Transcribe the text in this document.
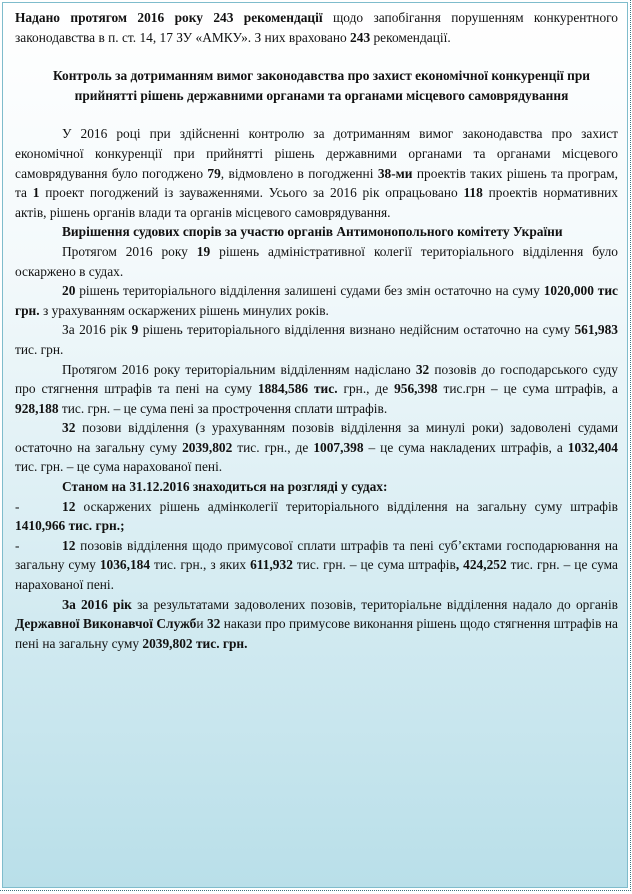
Надано протягом 2016 року 243 рекомендації щодо запобігання порушенням конкурентного законодавства в п. ст. 14, 17 ЗУ «АМКУ». З них враховано 243 рекомендації.

Контроль за дотриманням вимог законодавства про захист економічної конкуренції при прийнятті рішень державними органами та органами місцевого самоврядування

У 2016 році при здійсненні контролю за дотриманням вимог законодавства про захист економічної конкуренції при прийнятті рішень державними органами та органами місцевого самоврядування було погоджено 79, відмовлено в погодженні 38-ми проектів таких рішень та програм, та 1 проект погоджений із зауваженнями. Усього за 2016 рік опрацьовано 118 проектів нормативних актів, рішень органів влади та органів місцевого самоврядування.

Вирішення судових спорів за участю органів Антимонопольного комітету України

Протягом 2016 року 19 рішень адміністративної колегії територіального відділення було оскаржено в судах.

20 рішень територіального відділення залишені судами без змін остаточно на суму 1020,000 тис грн. з урахуванням оскаржених рішень минулих років.

За 2016 рік 9 рішень територіального відділення визнано недійсним остаточно на суму 561,983 тис. грн.

Протягом 2016 року територіальним відділенням надіслано 32 позовів до господарського суду про стягнення штрафів та пені на суму 1884,586 тис. грн., де 956,398 тис.грн – це сума штрафів, а 928,188 тис. грн. – це сума пені за прострочення сплати штрафів.

32 позови відділення (з урахуванням позовів відділення за минулі роки) задоволені судами остаточно на загальну суму 2039,802 тис. грн., де 1007,398 – це сума накладених штрафів, а 1032,404 тис. грн. – це сума нарахованої пені.

Станом на 31.12.2016 знаходиться на розгляді у судах:

-	12 оскаржених рішень адмінколегії територіального відділення на загальну суму штрафів 1410,966 тис. грн.;

-	12 позовів відділення щодо примусової сплати штрафів та пені суб’єктами господарювання на загальну суму 1036,184 тис. грн., з яких 611,932 тис. грн. – це сума штрафів, 424,252 тис. грн. – це сума нарахованої пені.

За 2016 рік за результатами задоволених позовів, територіальне відділення надало до органів Державної Виконавчої Служби 32 накази про примусове виконання рішень щодо стягнення штрафів на пені на загальну суму 2039,802 тис. грн.
